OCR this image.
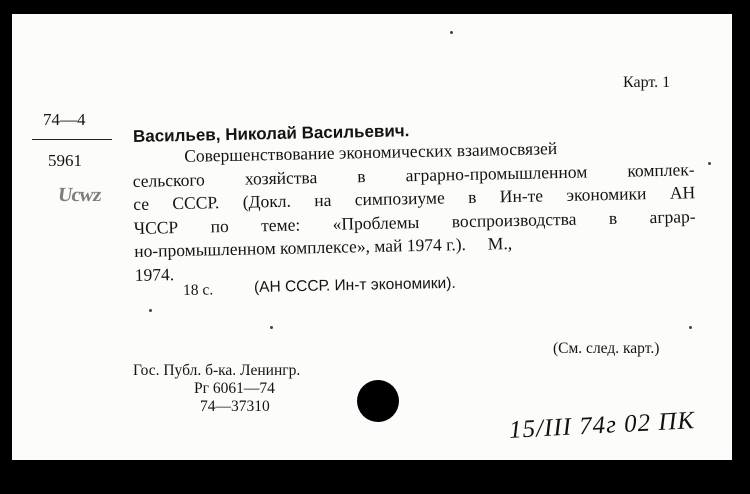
Карт. 1
74—4
5961
Ucwz
Васильев, Николай Васильевич.
Совершенствование экономических взаимосвязей
сельского хозяйства в аграрно-промышленном комплек-
се ССCР. (Докл. на симпозиуме в Ин-те экономики АН
ЧССР по теме: «Проблемы воспроизводства в аграр-
но-промышленном комплексе», май 1974 г.).     М.,
1974.
18 с.	(АН СССР. Ин-т экономики).
(См. след. карт.)
Гос. Публ. б-ка. Ленингр.
Рг 6061—74
74—37310
15/III 74г 02 ПК
